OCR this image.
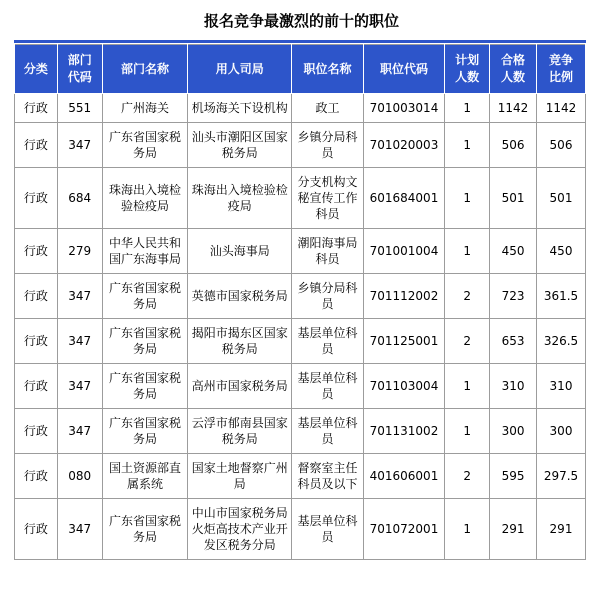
报名竞争最激烈的前十的职位
分类	部门代码	部门名称	用人司局	职位名称	职位代码	计划人数	合格人数	竞争比例
行政	551	广州海关	机场海关下设机构	政工	701003014	1	1142	1142
行政	347	广东省国家税务局	汕头市潮阳区国家税务局	乡镇分局科员	701020003	1	506	506
行政	684	珠海出入境检验检疫局	珠海出入境检验检疫局	分支机构文秘宣传工作科员	601684001	1	501	501
行政	279	中华人民共和国广东海事局	汕头海事局	潮阳海事局科员	701001004	1	450	450
行政	347	广东省国家税务局	英德市国家税务局	乡镇分局科员	701112002	2	723	361.5
行政	347	广东省国家税务局	揭阳市揭东区国家税务局	基层单位科员	701125001	2	653	326.5
行政	347	广东省国家税务局	高州市国家税务局	基层单位科员	701103004	1	310	310
行政	347	广东省国家税务局	云浮市郁南县国家税务局	基层单位科员	701131002	1	300	300
行政	080	国土资源部直属系统	国家土地督察广州局	督察室主任科员及以下	401606001	2	595	297.5
行政	347	广东省国家税务局	中山市国家税务局火炬高技术产业开发区税务分局	基层单位科员	701072001	1	291	291
